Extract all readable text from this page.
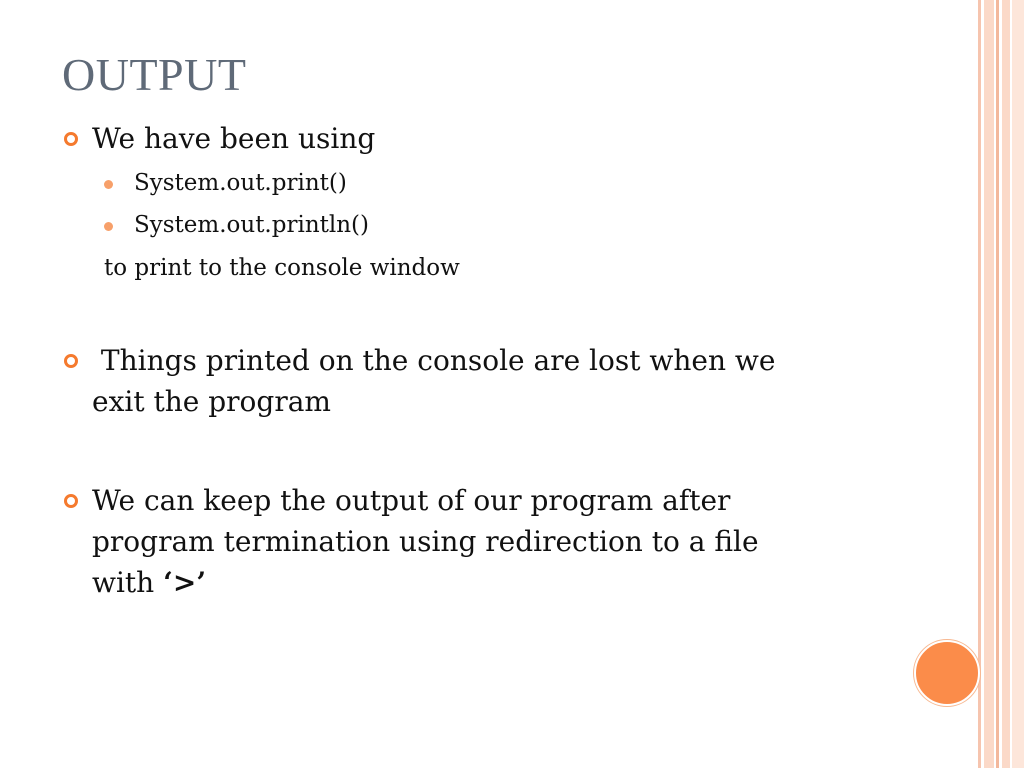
OUTPUT
We have been using
System.out.print()
System.out.println()
to print to the console window
Things printed on the console are lost when we
exit the program
We can keep the output of our program after
program termination using redirection to a file
with ‘>’
